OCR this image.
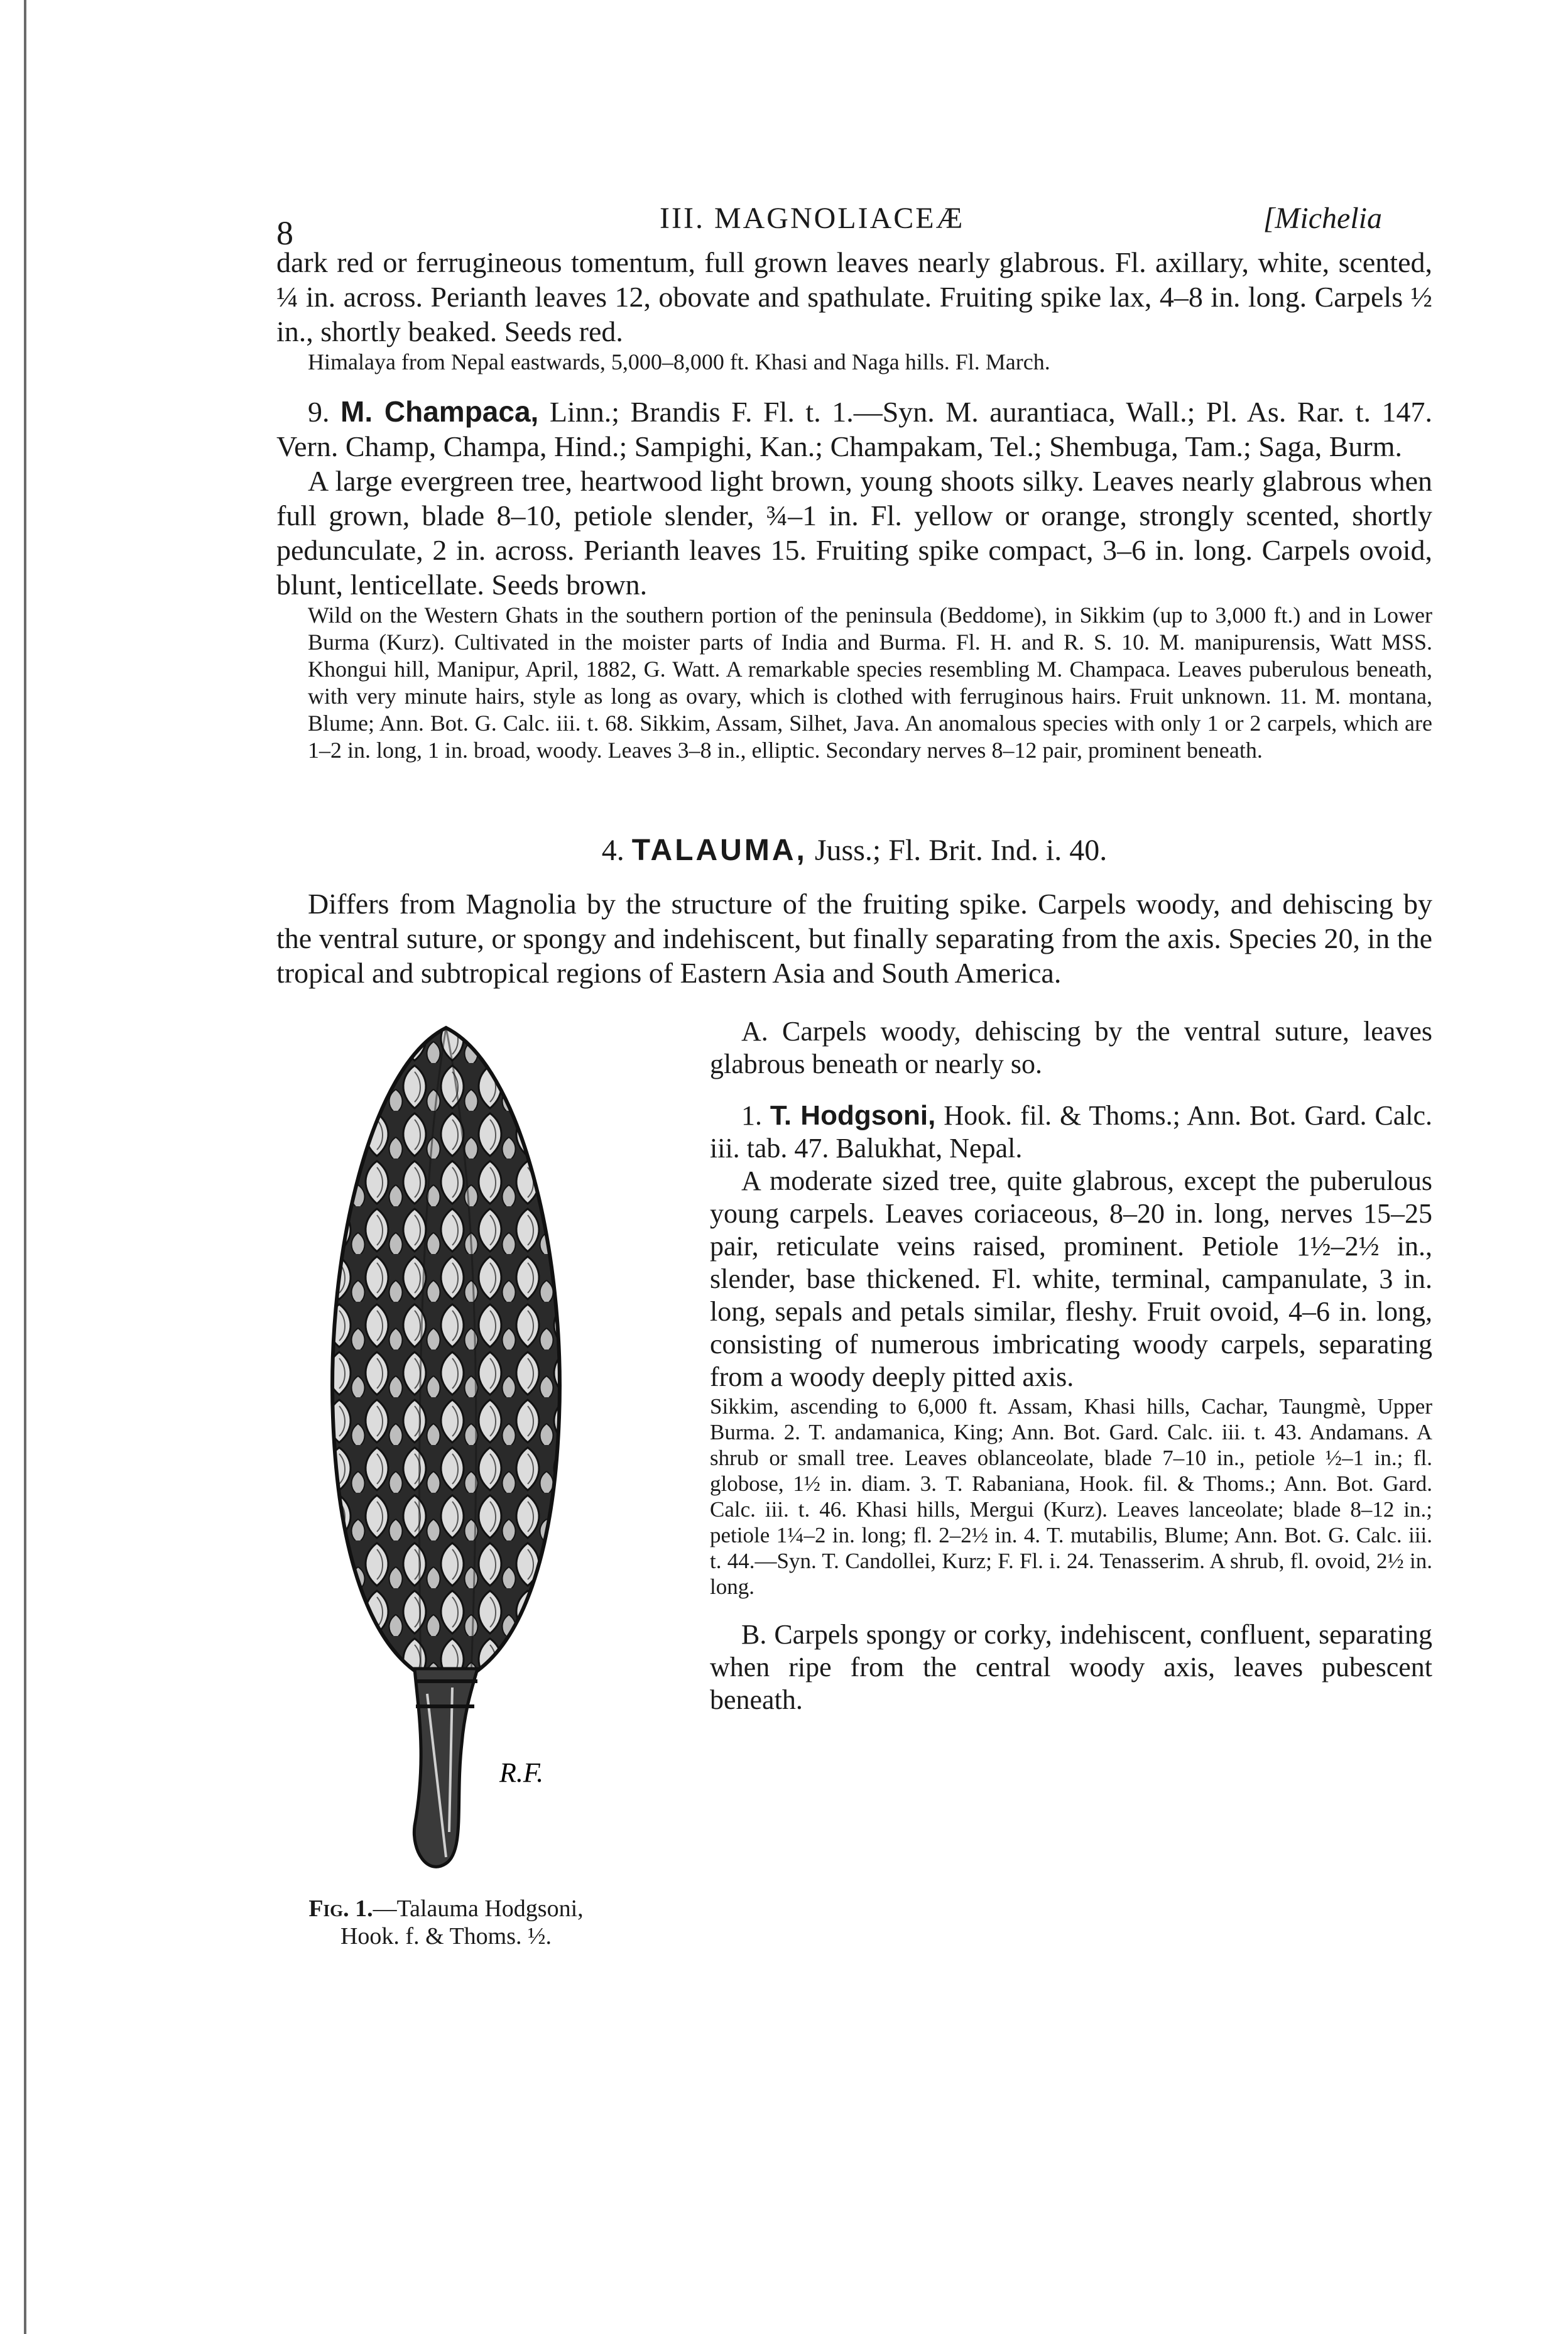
8	III. MAGNOLIACEÆ	[Michelia

dark red or ferrugineous tomentum, full grown leaves nearly glabrous. Fl. axillary, white, scented, ¼ in. across. Perianth leaves 12, obovate and spathulate. Fruiting spike lax, 4–8 in. long. Carpels ½ in., shortly beaked. Seeds red.

Himalaya from Nepal eastwards, 5,000–8,000 ft. Khasi and Naga hills. Fl. March.

9. M. Champaca, Linn.; Brandis F. Fl. t. 1.—Syn. M. aurantiaca, Wall.; Pl. As. Rar. t. 147. Vern. Champ, Champa, Hind.; Sampighi, Kan.; Champakam, Tel.; Shembuga, Tam.; Saga, Burm.

A large evergreen tree, heartwood light brown, young shoots silky. Leaves nearly glabrous when full grown, blade 8–10, petiole slender, ¾–1 in. Fl. yellow or orange, strongly scented, shortly pedunculate, 2 in. across. Perianth leaves 15. Fruiting spike compact, 3–6 in. long. Carpels ovoid, blunt, lenticellate. Seeds brown.

Wild on the Western Ghats in the southern portion of the peninsula (Beddome), in Sikkim (up to 3,000 ft.) and in Lower Burma (Kurz). Cultivated in the moister parts of India and Burma. Fl. H. and R. S. 10. M. manipurensis, Watt MSS. Khongui hill, Manipur, April, 1882, G. Watt. A remarkable species resembling M. Champaca. Leaves puberulous beneath, with very minute hairs, style as long as ovary, which is clothed with ferruginous hairs. Fruit unknown. 11. M. montana, Blume; Ann. Bot. G. Calc. iii. t. 68. Sikkim, Assam, Silhet, Java. An anomalous species with only 1 or 2 carpels, which are 1–2 in. long, 1 in. broad, woody. Leaves 3–8 in., elliptic. Secondary nerves 8–12 pair, prominent beneath.

4. TALAUMA, Juss.; Fl. Brit. Ind. i. 40.

Differs from Magnolia by the structure of the fruiting spike. Carpels woody, and dehiscing by the ventral suture, or spongy and indehiscent, but finally separating from the axis. Species 20, in the tropical and subtropical regions of Eastern Asia and South America.

R.F.
Fig. 1.—Talauma Hodgsoni, Hook. f. & Thoms. ½.

A. Carpels woody, dehiscing by the ventral suture, leaves glabrous beneath or nearly so.

1. T. Hodgsoni, Hook. fil. & Thoms.; Ann. Bot. Gard. Calc. iii. tab. 47. Balukhat, Nepal.

A moderate sized tree, quite glabrous, except the puberulous young carpels. Leaves coriaceous, 8–20 in. long, nerves 15–25 pair, reticulate veins raised, prominent. Petiole 1½–2½ in., slender, base thickened. Fl. white, terminal, campanulate, 3 in. long, sepals and petals similar, fleshy. Fruit ovoid, 4–6 in. long, consisting of numerous imbricating woody carpels, separating from a woody deeply pitted axis.

Sikkim, ascending to 6,000 ft. Assam, Khasi hills, Cachar, Taungmè, Upper Burma. 2. T. andamanica, King; Ann. Bot. Gard. Calc. iii. t. 43. Andamans. A shrub or small tree. Leaves oblanceolate, blade 7–10 in., petiole ½–1 in.; fl. globose, 1½ in. diam. 3. T. Rabaniana, Hook. fil. & Thoms.; Ann. Bot. Gard. Calc. iii. t. 46. Khasi hills, Mergui (Kurz). Leaves lanceolate; blade 8–12 in.; petiole 1¼–2 in. long; fl. 2–2½ in. 4. T. mutabilis, Blume; Ann. Bot. G. Calc. iii. t. 44.—Syn. T. Candollei, Kurz; F. Fl. i. 24. Tenasserim. A shrub, fl. ovoid, 2½ in. long.

B. Carpels spongy or corky, indehiscent, confluent, separating when ripe from the central woody axis, leaves pubescent beneath.
